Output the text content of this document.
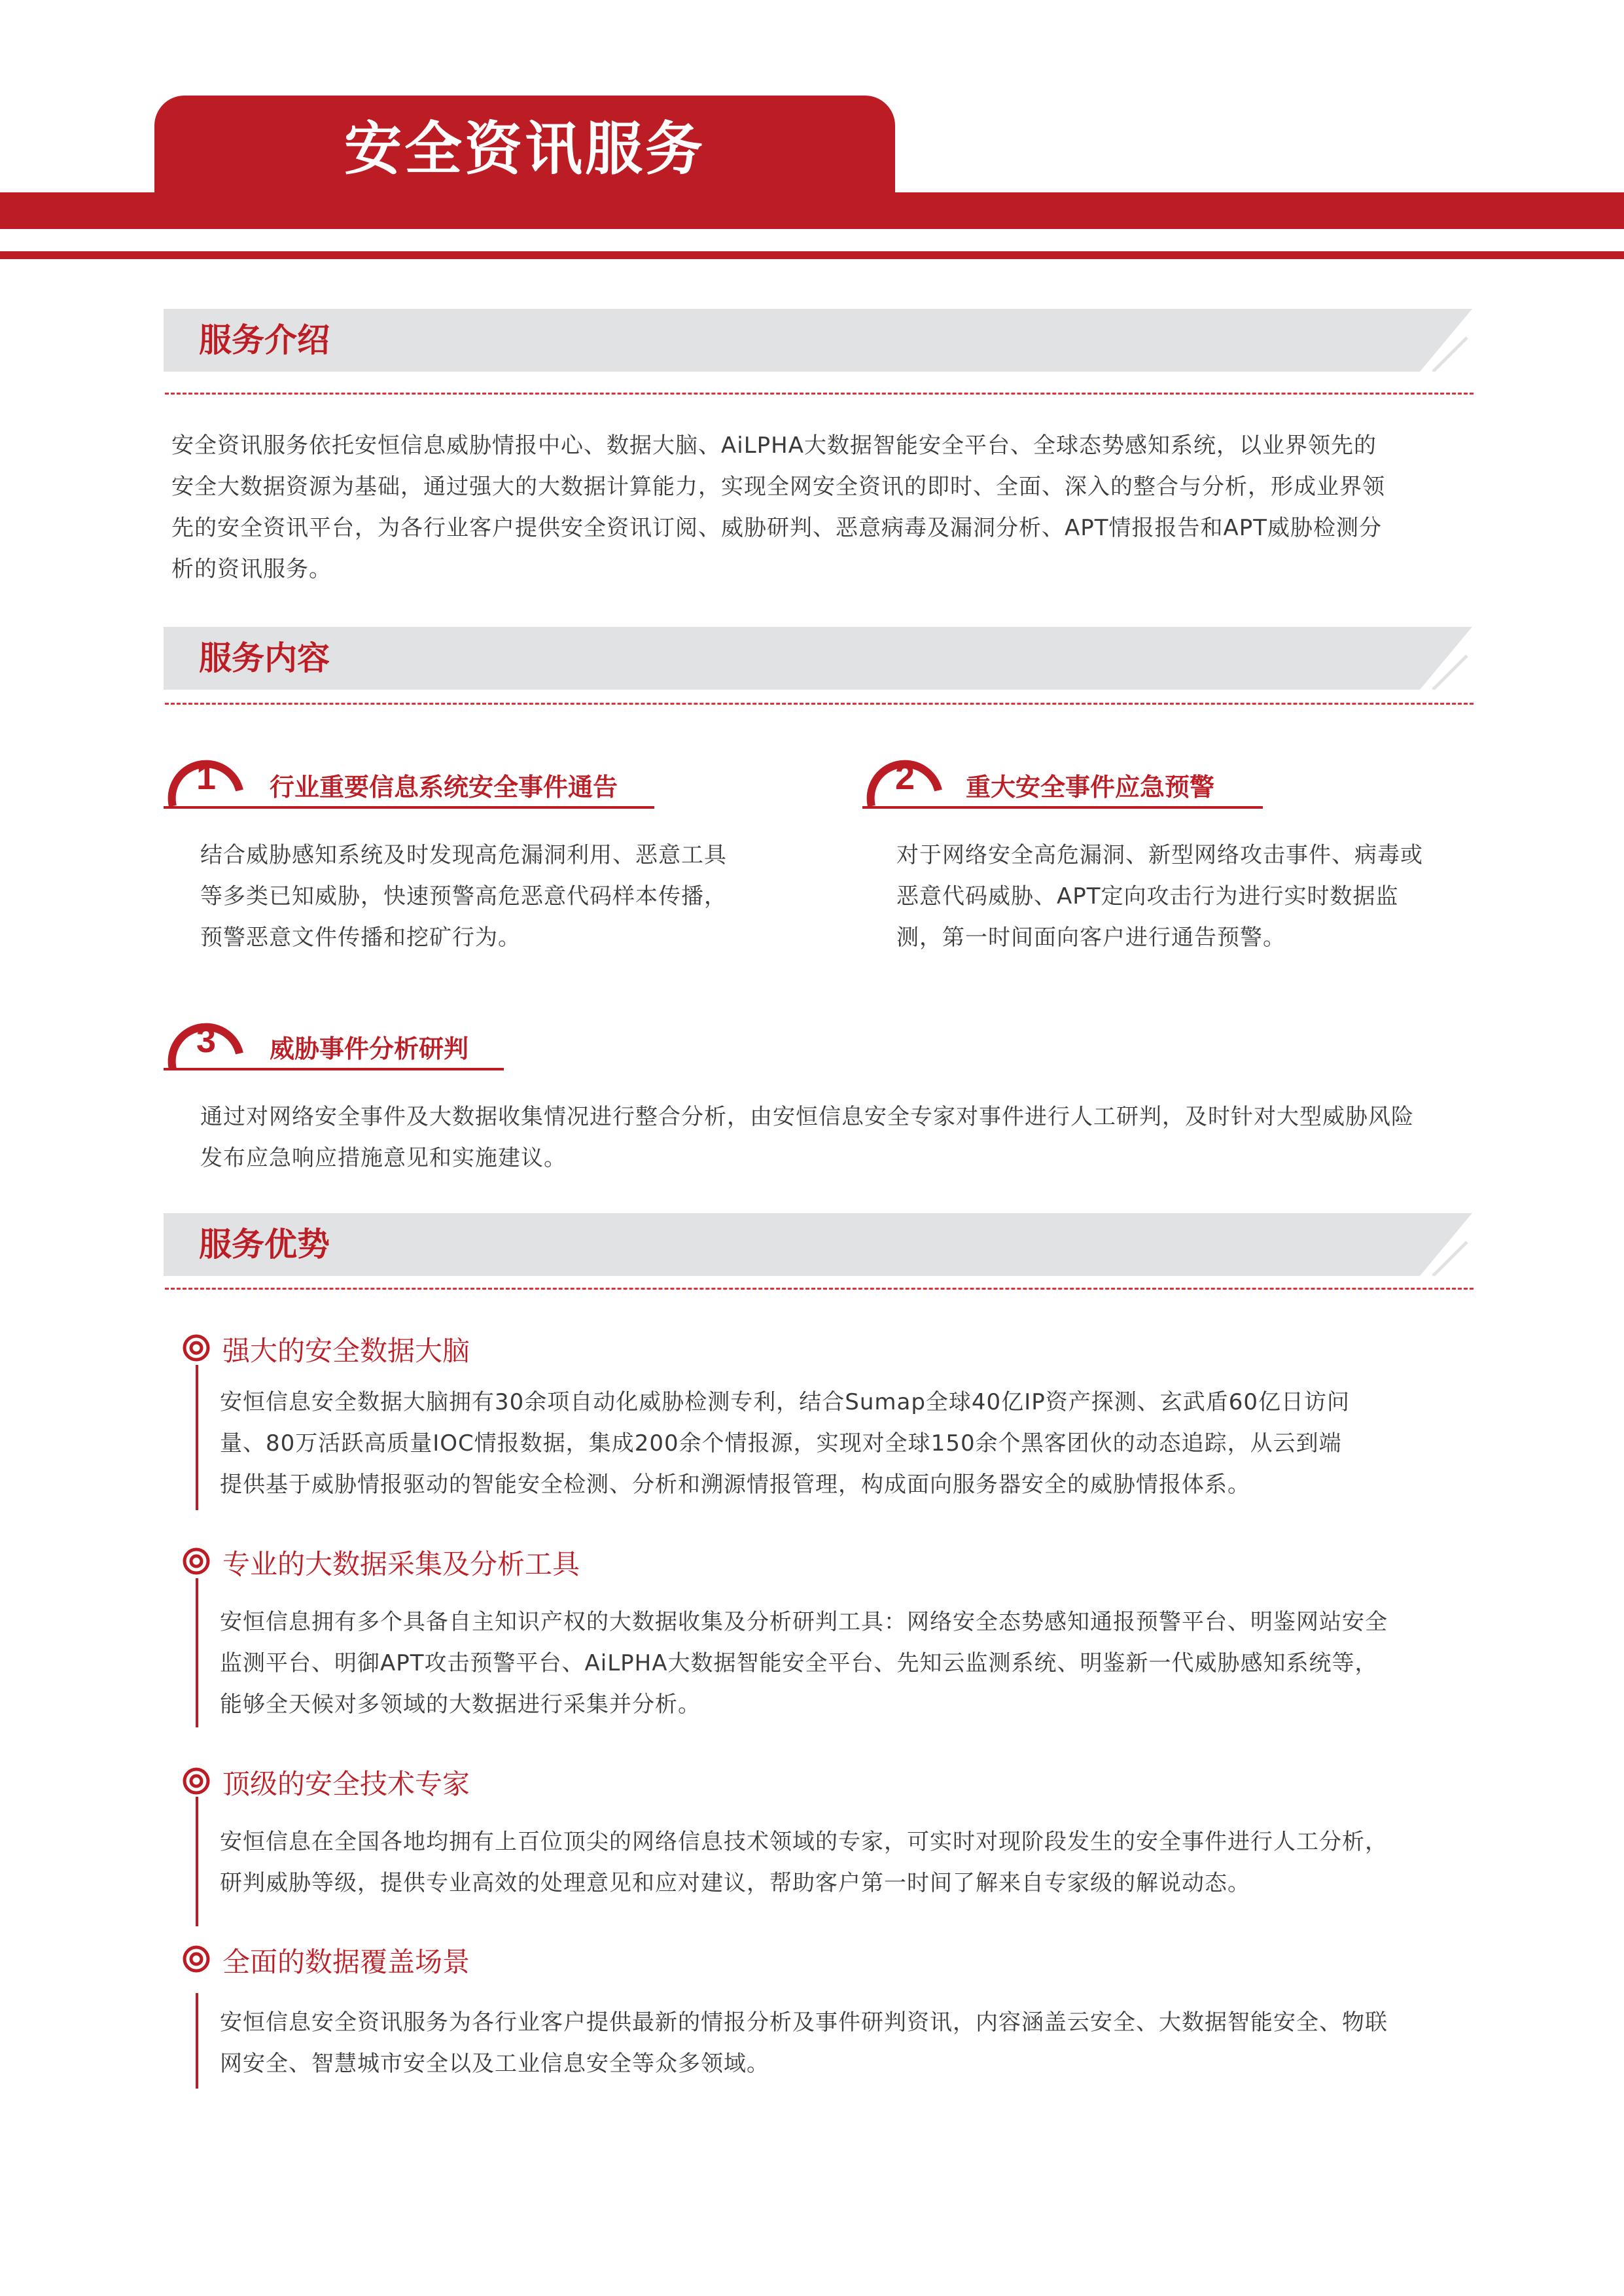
安全资讯服务
服务介绍
安全资讯服务依托安恒信息威胁情报中心、数据大脑、AiLPHA大数据智能安全平台、全球态势感知系统，以业界领先的
安全大数据资源为基础，通过强大的大数据计算能力，实现全网安全资讯的即时、全面、深入的整合与分析，形成业界领
先的安全资讯平台，为各行业客户提供安全资讯订阅、威胁研判、恶意病毒及漏洞分析、APT情报报告和APT威胁检测分
析的资讯服务。
服务内容
1 行业重要信息系统安全事件通告
结合威胁感知系统及时发现高危漏洞利用、恶意工具
等多类已知威胁，快速预警高危恶意代码样本传播，
预警恶意文件传播和挖矿行为。
2 重大安全事件应急预警
对于网络安全高危漏洞、新型网络攻击事件、病毒或
恶意代码威胁、APT定向攻击行为进行实时数据监
测，第一时间面向客户进行通告预警。
3 威胁事件分析研判
通过对网络安全事件及大数据收集情况进行整合分析，由安恒信息安全专家对事件进行人工研判，及时针对大型威胁风险
发布应急响应措施意见和实施建议。
服务优势
强大的安全数据大脑
安恒信息安全数据大脑拥有30余项自动化威胁检测专利，结合Sumap全球40亿IP资产探测、玄武盾60亿日访问
量、80万活跃高质量IOC情报数据，集成200余个情报源，实现对全球150余个黑客团伙的动态追踪，从云到端
提供基于威胁情报驱动的智能安全检测、分析和溯源情报管理，构成面向服务器安全的威胁情报体系。
专业的大数据采集及分析工具
安恒信息拥有多个具备自主知识产权的大数据收集及分析研判工具：网络安全态势感知通报预警平台、明鉴网站安全
监测平台、明御APT攻击预警平台、AiLPHA大数据智能安全平台、先知云监测系统、明鉴新一代威胁感知系统等，
能够全天候对多领域的大数据进行采集并分析。
顶级的安全技术专家
安恒信息在全国各地均拥有上百位顶尖的网络信息技术领域的专家，可实时对现阶段发生的安全事件进行人工分析，
研判威胁等级，提供专业高效的处理意见和应对建议，帮助客户第一时间了解来自专家级的解说动态。
全面的数据覆盖场景
安恒信息安全资讯服务为各行业客户提供最新的情报分析及事件研判资讯，内容涵盖云安全、大数据智能安全、物联
网安全、智慧城市安全以及工业信息安全等众多领域。
